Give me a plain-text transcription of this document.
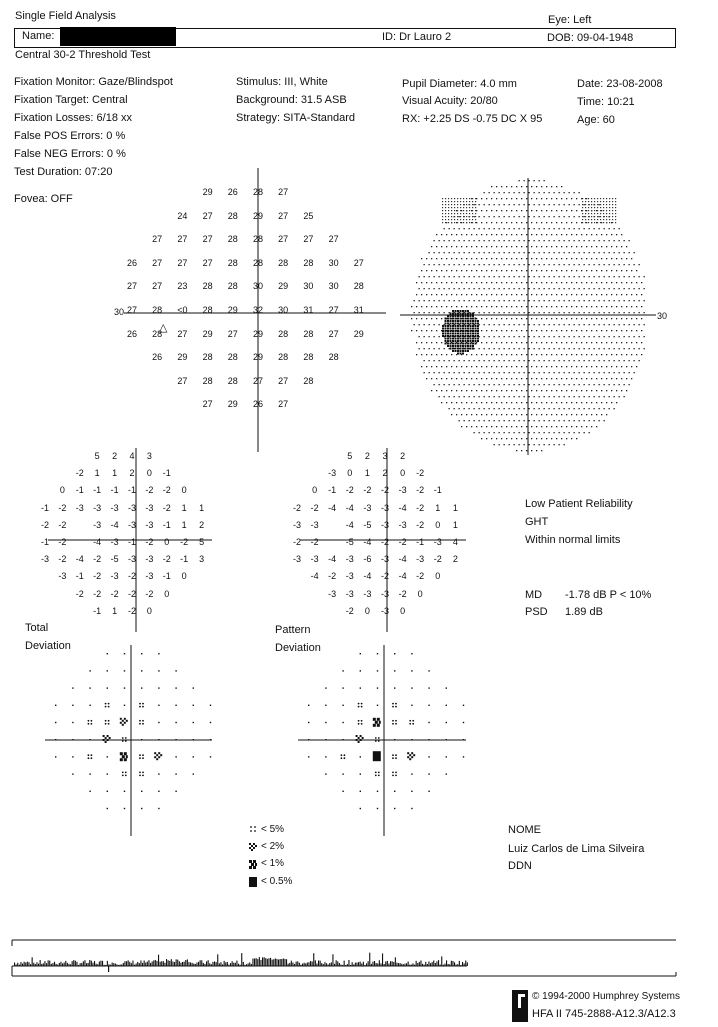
Single Field Analysis	Eye: Left
Name:	ID: Dr Lauro 2	DOB: 09-04-1948
Central 30-2 Threshold Test
Fixation Monitor: Gaze/Blindspot
Fixation Target: Central
Fixation Losses: 6/18 xx
False POS Errors: 0 %
False NEG Errors: 0 %
Test Duration: 07:20
Fovea: OFF
Stimulus: III, White
Background: 31.5 ASB
Strategy: SITA-Standard
Pupil Diameter: 4.0 mm
Visual Acuity: 20/80
RX: +2.25 DS -0.75 DC X 95
Date: 23-08-2008
Time: 10:21
Age: 60
30
△
29	26	28	27
24	27	28	29	27	25
27	27	27	28	28	27	27	27
26	27	27	27	28	28	28	28	30	27
27	27	23	28	28	30	29	30	30	28
27	28	<0	28	29	32	30	31	27	31
26	28	27	29	27	29	28	28	27	29
26	29	28	28	29	28	28	28
27	28	28	27	27	28
27	29	26	27
30
5	2	4	3
-2	1	1	2	0	-1
0	-1	-1	-1	-1	-2	-2	0
-1	-2	-3	-3	-3	-3	-3	-2	1	1
-2	-2	-3	-4	-3	-3	-1	1	2
-1	-2	-4	-3	-1	-2	0	-2	5
-3	-2	-4	-2	-5	-3	-3	-2	-1	3
-3	-1	-2	-3	-2	-3	-1	0
-2	-2	-2	-2	-2	0
-1	1	-2	0
5	2	3	2
-3	0	1	2	0	-2
0	-1	-2	-2	-2	-3	-2	-1
-2	-2	-4	-4	-3	-3	-4	-2	1	1
-3	-3	-4	-5	-3	-3	-2	0	1
-2	-2	-5	-4	-2	-2	-1	-3	4
-3	-3	-4	-3	-6	-3	-4	-3	-2	2
-4	-2	-3	-4	-2	-4	-2	0
-3	-3	-3	-3	-2	0
-2	0	-3	0
Total
Deviation
Pattern
Deviation
Low Patient Reliability
GHT
Within normal limits
MD -1.78 dB P < 10%
PSD 1.89 dB
< 5%
< 2%
< 1%
< 0.5%
NOME
Luiz Carlos de Lima Silveira
DDN
© 1994-2000 Humphrey Systems
HFA II 745-2888-A12.3/A12.3
